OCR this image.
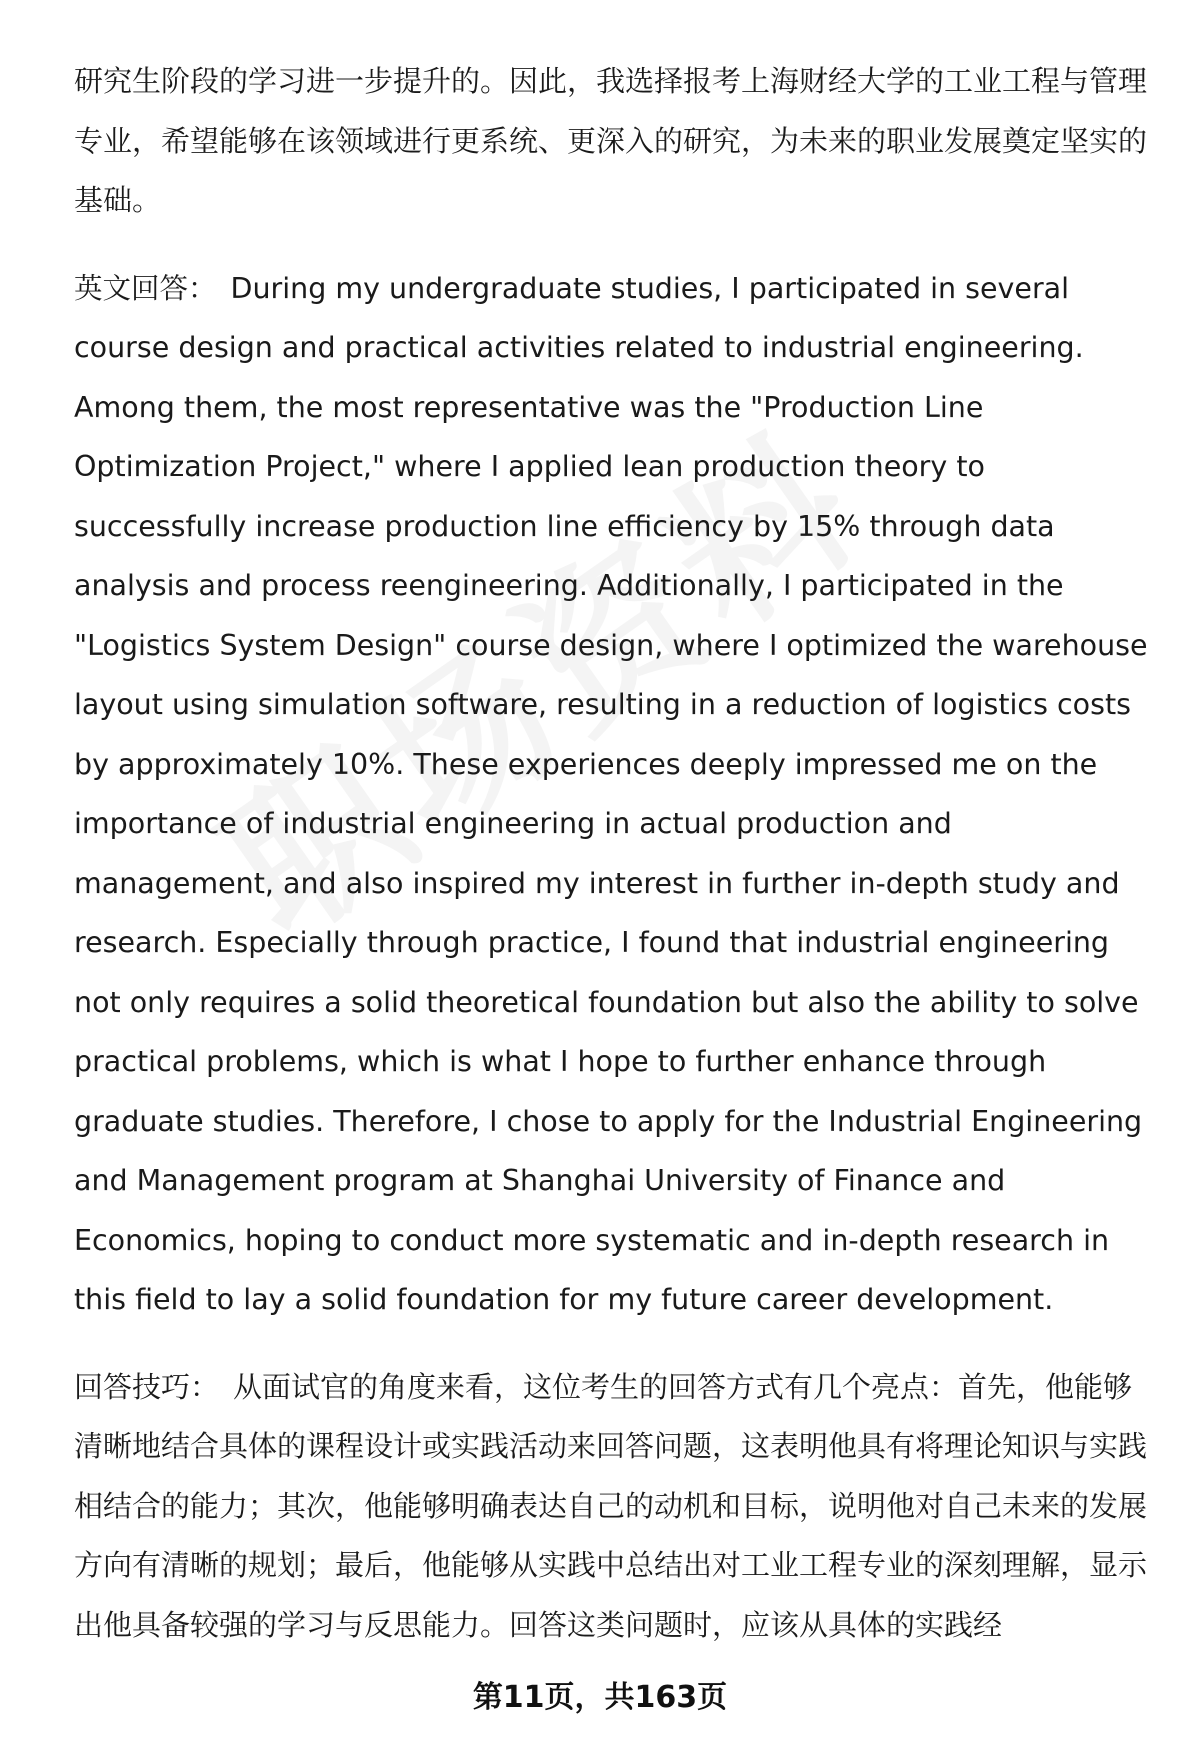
研究生阶段的学习进一步提升的。因此，我选择报考上海财经大学的工业工程与管理专业，希望能够在该领域进行更系统、更深入的研究，为未来的职业发展奠定坚实的基础。

英文回答： During my undergraduate studies, I participated in several course design and practical activities related to industrial engineering. Among them, the most representative was the "Production Line Optimization Project," where I applied lean production theory to successfully increase production line efficiency by 15% through data analysis and process reengineering. Additionally, I participated in the "Logistics System Design" course design, where I optimized the warehouse layout using simulation software, resulting in a reduction of logistics costs by approximately 10%. These experiences deeply impressed me on the importance of industrial engineering in actual production and management, and also inspired my interest in further in-depth study and research. Especially through practice, I found that industrial engineering not only requires a solid theoretical foundation but also the ability to solve practical problems, which is what I hope to further enhance through graduate studies. Therefore, I chose to apply for the Industrial Engineering and Management program at Shanghai University of Finance and Economics, hoping to conduct more systematic and in-depth research in this field to lay a solid foundation for my future career development.

回答技巧： 从面试官的角度来看，这位考生的回答方式有几个亮点：首先，他能够清晰地结合具体的课程设计或实践活动来回答问题，这表明他具有将理论知识与实践相结合的能力；其次，他能够明确表达自己的动机和目标，说明他对自己未来的发展方向有清晰的规划；最后，他能够从实践中总结出对工业工程专业的深刻理解，显示出他具备较强的学习与反思能力。回答这类问题时，应该从具体的实践经

第11页，共163页
